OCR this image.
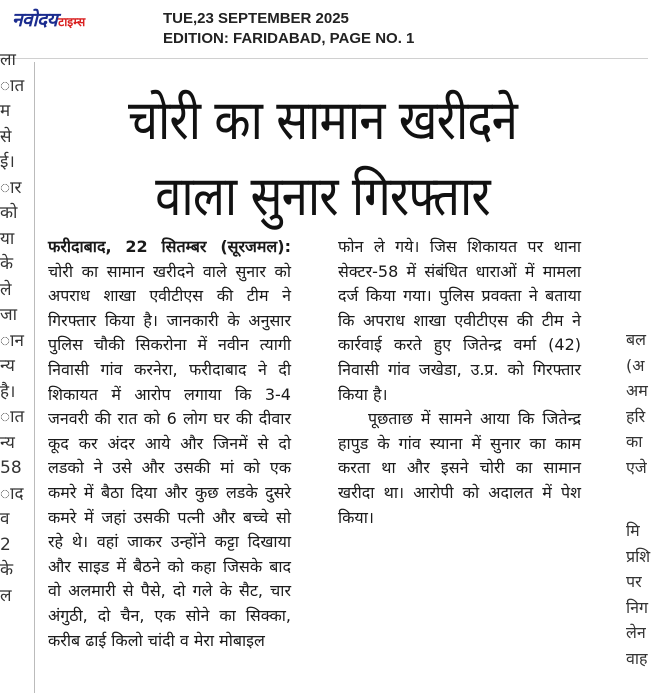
नवोदय टाइम्स	TUE,23 SEPTEMBER 2025
EDITION: FARIDABAD, PAGE NO. 1
ला
ात
म
से
ई।
ार
को
या
के
ले
जा
ान
न्य
है।
ात
न्य
58
ाद
व
2
के
ल
चोरी का सामान खरीदने
वाला सुनार गिरफ्तार

फरीदाबाद, 22 सितम्बर (सूरजमल): चोरी का सामान खरीदने वाले सुनार को अपराध शाखा एवीटीएस की टीम ने गिरफ्तार किया है। जानकारी के अनुसार पुलिस चौकी सिकरोना में नवीन त्यागी निवासी गांव करनेरा, फरीदाबाद ने दी शिकायत में आरोप लगाया कि 3-4 जनवरी की रात को 6 लोग घर की दीवार कूद कर अंदर आये और जिनमें से दो लडको ने उसे और उसकी मां को एक कमरे में बैठा दिया और कुछ लडके दुसरे कमरे में जहां उसकी पत्नी और बच्चे सो रहे थे। वहां जाकर उन्होंने कट्टा दिखाया और साइड में बैठने को कहा जिसके बाद वो अलमारी से पैसे, दो गले के सैट, चार अंगुठी, दो चैन, एक सोने का सिक्का, करीब ढाई किलो चांदी व मेरा मोबाइल

फोन ले गये। जिस शिकायत पर थाना सेक्टर-58 में संबंधित धाराओं में मामला दर्ज किया गया। पुलिस प्रवक्ता ने बताया कि अपराध शाखा एवीटीएस की टीम ने कार्रवाई करते हुए जितेन्द्र वर्मा (42) निवासी गांव जखेडा, उ.प्र. को गिरफ्तार किया है।

पूछताछ में सामने आया कि जितेन्द्र हापुड के गांव स्याना में सुनार का काम करता था और इसने चोरी का सामान खरीदा था। आरोपी को अदालत में पेश किया।

बल
(अ
अम
हरि
का
एजे
मि
प्रशि
पर
निग
लेन
वाह
